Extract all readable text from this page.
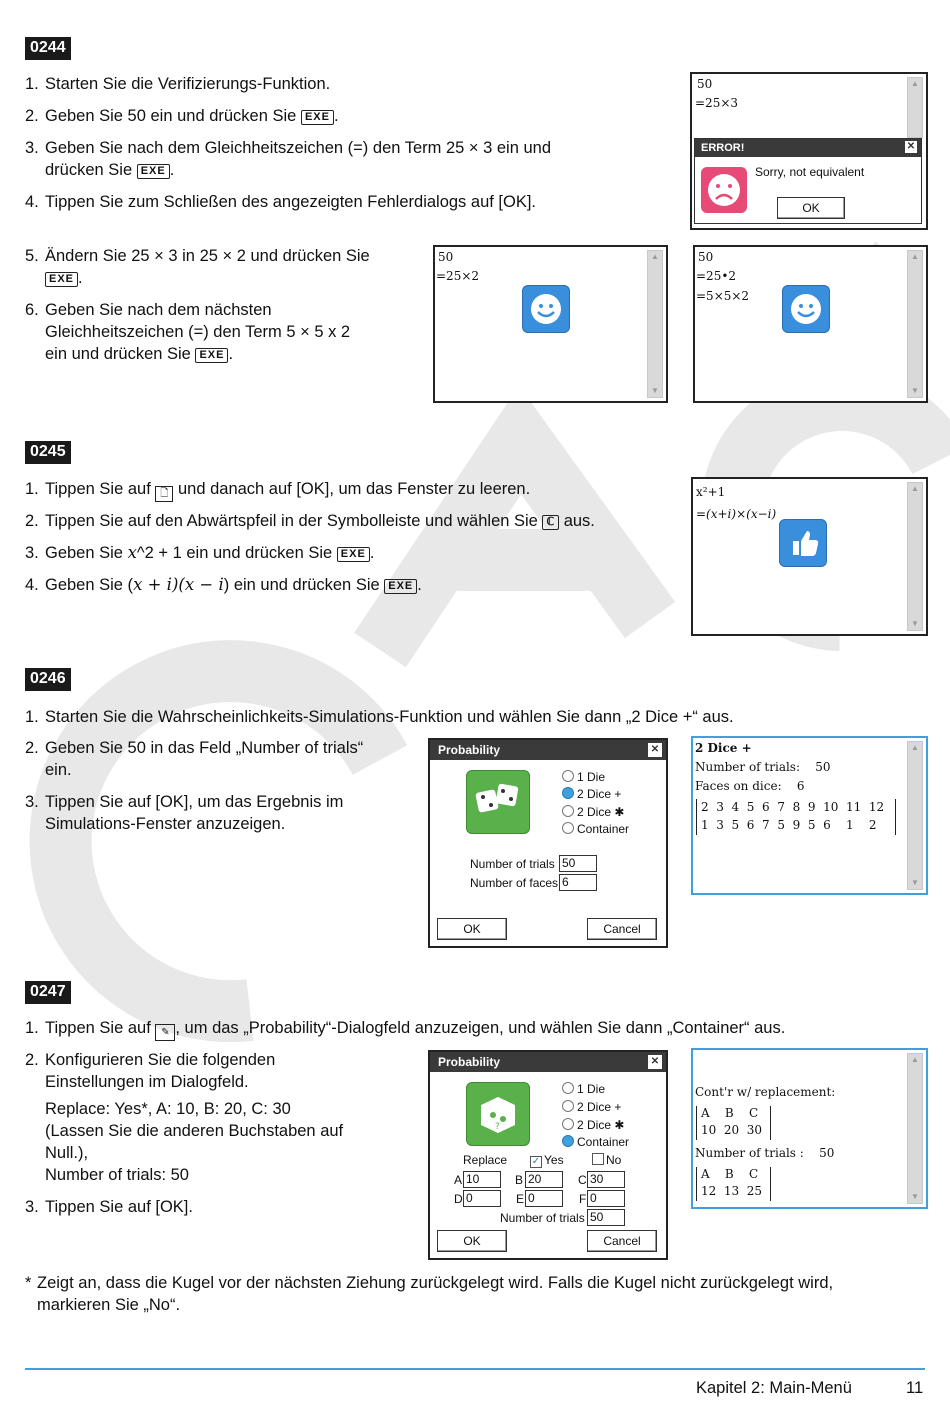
0244
1. Starten Sie die Verifizierungs-Funktion.
2. Geben Sie 50 ein und drücken Sie EXE .
3. Geben Sie nach dem Gleichheitszeichen (=) den Term 25 × 3 ein und
drücken Sie EXE .
4. Tippen Sie zum Schließen des angezeigten Fehlerdialogs auf [OK].
5. Ändern Sie 25 × 3 in 25 × 2 und drücken Sie
EXE .
6. Geben Sie nach dem nächsten
Gleichheitszeichen (=) den Term 5 × 5 x 2
ein und drücken Sie EXE .
50
=25×3
▲
ERROR!	✕
Sorry, not equivalent
OK
50
=25×2
▲
▼
50
=25•2
=5×5×2
▲
▼
0245
1. Tippen Sie auf 🗋 und danach auf [OK], um das Fenster zu leeren.
2. Tippen Sie auf den Abwärtspfeil in der Symbolleiste und wählen Sie ℂ aus.
3. Geben Sie x^2 + 1 ein und drücken Sie EXE .
4. Geben Sie (x + i)(x − i) ein und drücken Sie EXE .
x²+1
=(x+i)×(x−i)
▲
▼
0246
1. Starten Sie die Wahrscheinlichkeits-Simulations-Funktion und wählen Sie dann „2 Dice +“ aus.
2. Geben Sie 50 in das Feld „Number of trials“
ein.
3. Tippen Sie auf [OK], um das Ergebnis im
Simulations-Fenster anzuzeigen.
Probability	✕
1 Die
2 Dice +
2 Dice ✱
Container
Number of trials 50
Number of faces 6
OK	Cancel
2 Dice +
Number of trials:    50
Faces on dice:    6
2  3  4  5  6  7  8  9  10  11  12
1  3  5  6  7  5  9  5  6    1    2
▲
▼
0247
1. Tippen Sie auf ✎ , um das „Probability“-Dialogfeld anzuzeigen, und wählen Sie dann „Container“ aus.
2. Konfigurieren Sie die folgenden
Einstellungen im Dialogfeld.
Replace: Yes*, A: 10, B: 20, C: 30
(Lassen Sie die anderen Buchstaben auf
Null.),
Number of trials: 50
3. Tippen Sie auf [OK].
Probability	✕
?
1 Die
2 Dice +
2 Dice ✱
Container
Replace ✓ Yes	No
A 10	B 20	C 30
D 0	E 0	F 0
Number of trials 50
OK	Cancel
Cont'r w/ replacement:
A    B    C
10  20  30
Number of trials :    50
A    B    C
12  13  25
▲
▼
* Zeigt an, dass die Kugel vor der nächsten Ziehung zurückgelegt wird. Falls die Kugel nicht zurückgelegt wird,
markieren Sie „No“.
Kapitel 2: Main-Menü	11
